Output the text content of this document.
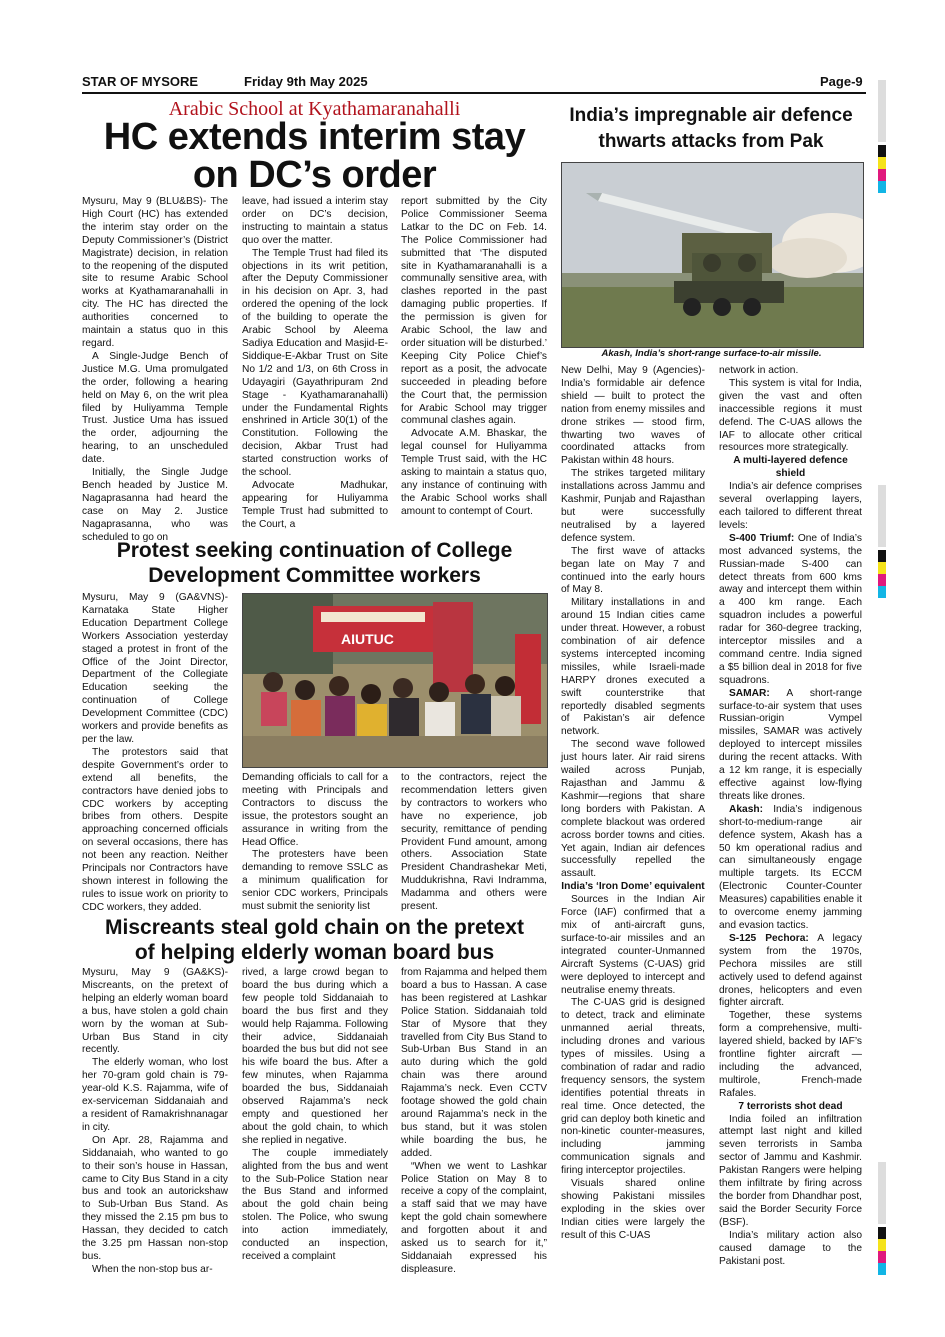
STAR OF MYSORE	Friday 9th May 2025	Page-9
Arabic School at Kyathamaranahalli
HC extends interim stay
on DC’s order

Mysuru, May 9 (BLU&BS)- The High Court (HC) has extended the interim stay order on the Deputy Commissioner’s (District Magistrate) decision, in relation to the reopening of the disputed site to resume Arabic School works at Kyathamaranahalli in city. The HC has directed the authorities concerned to maintain a status quo in this regard.

A Single-Judge Bench of Justice M.G. Uma promulgated the order, following a hearing held on May 6, on the writ plea filed by Huliyamma Temple Trust. Justice Uma has issued the order, adjourning the hearing, to an unscheduled date.

Initially, the Single Judge Bench headed by Justice M. Nagaprasanna had heard the case on May 2. Justice Nagaprasanna, who was scheduled to go on

leave, had issued a interim stay order on DC’s decision, instructing to maintain a status quo over the matter.

The Temple Trust had filed its objections in its writ petition, after the Deputy Commissioner in his decision on Apr. 3, had ordered the opening of the lock of the building to operate the Arabic School by Aleema Sadiya Education and Masjid-E-Siddique-E-Akbar Trust on Site No 1/2 and 1/3, on 6th Cross in Udayagiri (Gayathripuram 2nd Stage - Kyathamaranahalli) under the Fundamental Rights enshrined in Article 30(1) of the Constitution. Following the decision, Akbar Trust had started construction works of the school.

Advocate Madhukar, appearing for Huliyamma Temple Trust had submitted to the Court, a

report submitted by the City Police Commissioner Seema Latkar to the DC on Feb. 14. The Police Commissioner had submitted that ‘The disputed site in Kyathamaranahalli is a communally sensitive area, with clashes reported in the past damaging public properties. If the permission is given for Arabic School, the law and order situation will be disturbed.’ Keeping City Police Chief’s report as a posit, the advocate succeeded in pleading before the Court that, the permission for Arabic School may trigger communal clashes again.

Advocate A.M. Bhaskar, the legal counsel for Huliyamma Temple Trust said, with the HC asking to maintain a status quo, any instance of continuing with the Arabic School works shall amount to contempt of Court.

Protest seeking continuation of College
Development Committee workers

Mysuru, May 9 (GA&VNS)- Karnataka State Higher Education Department College Workers Association yesterday staged a protest in front of the Office of the Joint Director, Department of the Collegiate Education seeking the continuation of College Development Committee (CDC) workers and provide benefits as per the law.

The protestors said that despite Government’s order to extend all benefits, the contractors have denied jobs to CDC workers by accepting bribes from others. Despite approaching concerned officials on several occasions, there has not been any reaction. Neither Principals nor Contractors have shown interest in following the rules to issue work on priority to CDC workers, they added.

AIUTUC

Demanding officials to call for a meeting with Principals and Contractors to discuss the issue, the protestors sought an assurance in writing from the Head Office.

The protesters have been demanding to remove SSLC as a minimum qualification for senior CDC workers, Principals must submit the seniority list

to the contractors, reject the recommendation letters given by contractors to workers who have no experience, job security, remittance of pending Provident Fund amount, among others. Association State President Chandrashekar Meti, Muddukrishna, Ravi Indramma, Madamma and others were present.

Miscreants steal gold chain on the pretext
of helping elderly woman board bus

Mysuru, May 9 (GA&KS)- Miscreants, on the pretext of helping an elderly woman board a bus, have stolen a gold chain worn by the woman at Sub-Urban Bus Stand in city recently.

The elderly woman, who lost her 70-gram gold chain is 79-year-old K.S. Rajamma, wife of ex-serviceman Siddanaiah and a resident of Ramakrishnanagar in city.

On Apr. 28, Rajamma and Siddanaiah, who wanted to go to their son’s house in Hassan, came to City Bus Stand in a city bus and took an autorickshaw to Sub-Urban Bus Stand. As they missed the 2.15 pm bus to Hassan, they decided to catch the 3.25 pm Hassan non-stop bus.

When the non-stop bus ar-

rived, a large crowd began to board the bus during which a few people told Siddanaiah to board the bus first and they would help Rajamma. Following their advice, Siddanaiah boarded the bus but did not see his wife board the bus. After a few minutes, when Rajamma boarded the bus, Siddanaiah observed Rajamma’s neck empty and questioned her about the gold chain, to which she replied in negative.

The couple immediately alighted from the bus and went to the Sub-Police Station near the Bus Stand and informed about the gold chain being stolen. The Police, who swung into action immediately, conducted an inspection, received a complaint

from Rajamma and helped them board a bus to Hassan. A case has been registered at Lashkar Police Station. Siddanaiah told Star of Mysore that they travelled from City Bus Stand to Sub-Urban Bus Stand in an auto during which the gold chain was there around Rajamma’s neck. Even CCTV footage showed the gold chain around Rajamma’s neck in the bus stand, but it was stolen while boarding the bus, he added.

“When we went to Lashkar Police Station on May 8 to receive a copy of the complaint, a staff said that we may have kept the gold chain somewhere and forgotten about it and asked us to search for it,” Siddanaiah expressed his displeasure.

India’s impregnable air defence
thwarts attacks from Pak
Akash, India’s short-range surface-to-air missile.

New Delhi, May 9 (Agencies)- India’s formidable air defence shield — built to protect the nation from enemy missiles and drone strikes — stood firm, thwarting two waves of coordinated attacks from Pakistan within 48 hours.

The strikes targeted military installations across Jammu and Kashmir, Punjab and Rajasthan but were successfully neutralised by a layered defence system.

The first wave of attacks began late on May 7 and continued into the early hours of May 8.

Military installations in and around 15 Indian cities came under threat. However, a robust combination of air defence systems intercepted incoming missiles, while Israeli-made HARPY drones executed a swift counterstrike that reportedly disabled segments of Pakistan’s air defence network.

The second wave followed just hours later. Air raid sirens wailed across Punjab, Rajasthan and Jammu & Kashmir—regions that share long borders with Pakistan. A complete blackout was ordered across border towns and cities. Yet again, Indian air defences successfully repelled the assault.

India’s ‘Iron Dome’ equivalent

Sources in the Indian Air Force (IAF) confirmed that a mix of anti-aircraft guns, surface-to-air missiles and an integrated counter-Unmanned Aircraft Systems (C-UAS) grid were deployed to intercept and neutralise enemy threats.

The C-UAS grid is designed to detect, track and eliminate unmanned aerial threats, including drones and various types of missiles. Using a combination of radar and radio frequency sensors, the system identifies potential threats in real time. Once detected, the grid can deploy both kinetic and non-kinetic counter-measures, including jamming communication signals and firing interceptor projectiles.

Visuals shared online showing Pakistani missiles exploding in the skies over Indian cities were largely the result of this C-UAS

network in action.

This system is vital for India, given the vast and often inaccessible regions it must defend. The C-UAS allows the IAF to allocate other critical resources more strategically.

A multi-layered defence shield

India’s air defence comprises several overlapping layers, each tailored to different threat levels:

S-400 Triumf: One of India’s most advanced systems, the Russian-made S-400 can detect threats from 600 kms away and intercept them within a 400 km range. Each squadron includes a powerful radar for 360-degree tracking, interceptor missiles and a command centre. India signed a $5 billion deal in 2018 for five squadrons.

SAMAR: A short-range surface-to-air system that uses Russian-origin Vympel missiles, SAMAR was actively deployed to intercept missiles during the recent attacks. With a 12 km range, it is especially effective against low-flying threats like drones.

Akash: India’s indigenous short-to-medium-range air defence system, Akash has a 50 km operational radius and can simultaneously engage multiple targets. Its ECCM (Electronic Counter-Counter Measures) capabilities enable it to overcome enemy jamming and evasion tactics.

S-125 Pechora: A legacy system from the 1970s, Pechora missiles are still actively used to defend against drones, helicopters and even fighter aircraft.

Together, these systems form a comprehensive, multi-layered shield, backed by IAF’s frontline fighter aircraft — including the advanced, multirole, French-made Rafales.

7 terrorists shot dead

India foiled an infiltration attempt last night and killed seven terrorists in Samba sector of Jammu and Kashmir. Pakistan Rangers were helping them infiltrate by firing across the border from Dhandhar post, said the Border Security Force (BSF).

India’s military action also caused damage to the Pakistani post.
